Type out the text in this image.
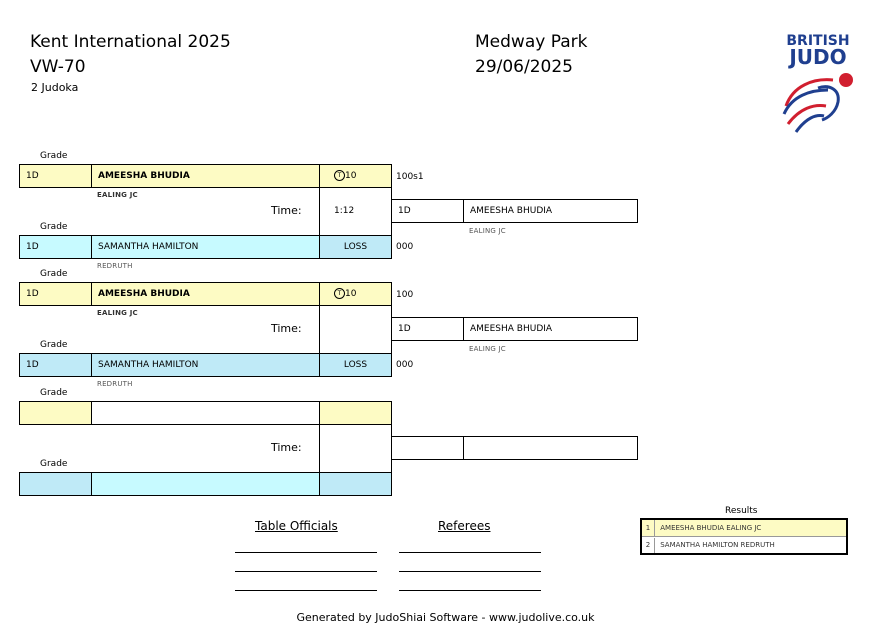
Kent International 2025
VW-70
2 Judoka
Medway Park
29/06/2025
BRITISH
JUDO
Grade
1D	AMEESHA BHUDIA	T 10	100s1
EALING JC
Time:	1:12
Grade
1D	SAMANTHA HAMILTON	LOSS	000
REDRUTH
1D	AMEESHA BHUDIA
EALING JC
Grade
1D	AMEESHA BHUDIA	T 10	100
EALING JC
Time:
Grade
1D	SAMANTHA HAMILTON	LOSS	000
REDRUTH
1D	AMEESHA BHUDIA
EALING JC
Grade
Time:
Grade
Table Officials	Referees
Results
1 AMEESHA BHUDIA EALING JC
2 SAMANTHA HAMILTON REDRUTH
Generated by JudoShiai Software - www.judolive.co.uk
